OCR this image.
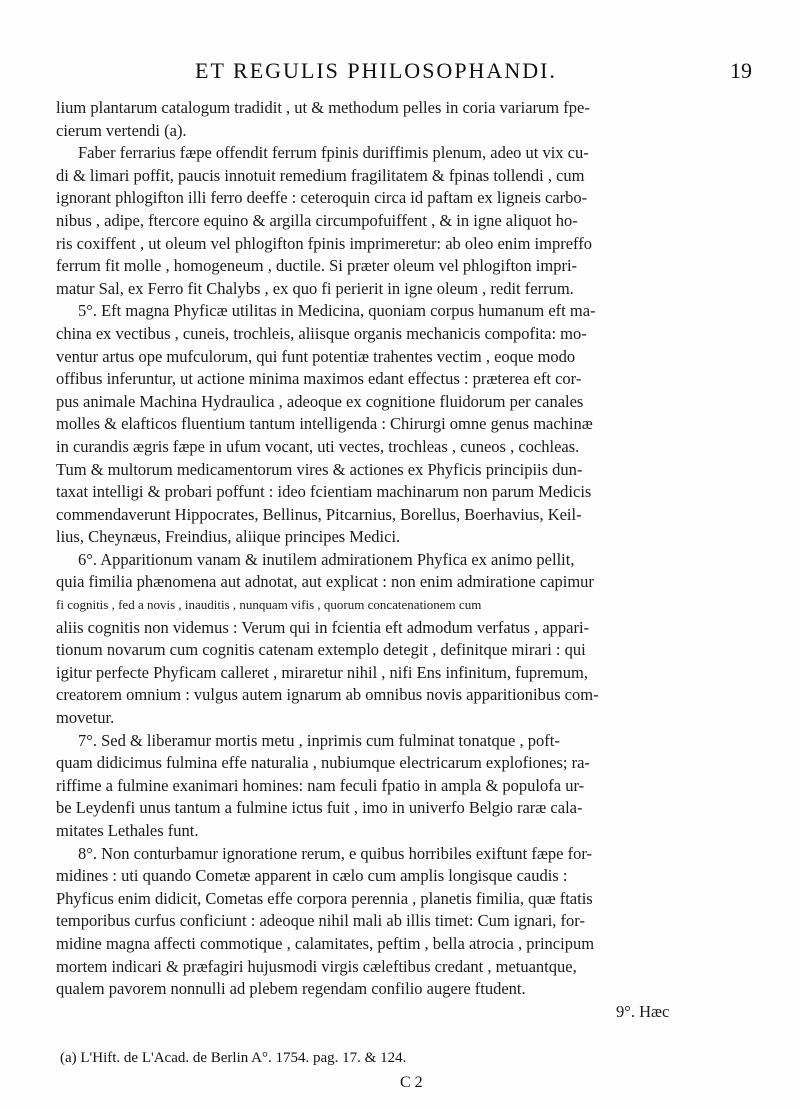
ET REGULIS PHILOSOPHANDI.	19
lium plantarum catalogum tradidit , ut & methodum pelles in coria variarum fpe-
cierum vertendi (a).
Faber ferrarius fæpe offendit ferrum fpinis duriffimis plenum, adeo ut vix cu-
di & limari poffit, paucis innotuit remedium fragilitatem & fpinas tollendi , cum
ignorant phlogifton illi ferro deeffe : ceteroquin circa id paftam ex ligneis carbo-
nibus , adipe, ftercore equino & argilla circumpofuiffent , & in igne aliquot ho-
ris coxiffent , ut oleum vel phlogifton fpinis imprimeretur: ab oleo enim impreffo
ferrum fit molle , homogeneum , ductile. Si præter oleum vel phlogifton impri-
matur Sal, ex Ferro fit Chalybs , ex quo fi perierit in igne oleum , redit ferrum.
5°. Eft magna Phyficæ utilitas in Medicina, quoniam corpus humanum eft ma-
china ex vectibus , cuneis, trochleis, aliisque organis mechanicis compofita: mo-
ventur artus ope mufculorum, qui funt potentiæ trahentes vectim , eoque modo
offibus inferuntur, ut actione minima maximos edant effectus : præterea eft cor-
pus animale Machina Hydraulica , adeoque ex cognitione fluidorum per canales
molles & elafticos fluentium tantum intelligenda : Chirurgi omne genus machinæ
in curandis ægris fæpe in ufum vocant, uti vectes, trochleas , cuneos , cochleas.
Tum & multorum medicamentorum vires & actiones ex Phyficis principiis dun-
taxat intelligi & probari poffunt : ideo fcientiam machinarum non parum Medicis
commendaverunt Hippocrates, Bellinus, Pitcarnius, Borellus, Boerhavius, Keil-
lius, Cheynæus, Freindius, aliique principes Medici.
6°. Apparitionum vanam & inutilem admirationem Phyfica ex animo pellit,
quia fimilia phænomena aut adnotat, aut explicat : non enim admiratione capimur
fi cognitis , fed a novis , inauditis , nunquam vifis , quorum concatenationem cum
aliis cognitis non videmus : Verum qui in fcientia eft admodum verfatus , appari-
tionum novarum cum cognitis catenam extemplo detegit , definitque mirari : qui
igitur perfecte Phyficam calleret , miraretur nihil , nifi Ens infinitum, fupremum,
creatorem omnium : vulgus autem ignarum ab omnibus novis apparitionibus com-
movetur.
7°. Sed & liberamur mortis metu , inprimis cum fulminat tonatque , poft-
quam didicimus fulmina effe naturalia , nubiumque electricarum explofiones; ra-
riffime a fulmine exanimari homines: nam feculi fpatio in ampla & populofa ur-
be Leydenfi unus tantum a fulmine ictus fuit , imo in univerfo Belgio raræ cala-
mitates Lethales funt.
8°. Non conturbamur ignoratione rerum, e quibus horribiles exiftunt fæpe for-
midines : uti quando Cometæ apparent in cælo cum amplis longisque caudis :
Phyficus enim didicit, Cometas effe corpora perennia , planetis fimilia, quæ ftatis
temporibus curfus conficiunt : adeoque nihil mali ab illis timet: Cum ignari, for-
midine magna affecti commotique , calamitates, peftim , bella atrocia , principum
mortem indicari & præfagiri hujusmodi virgis cæleftibus credant , metuantque,
qualem pavorem nonnulli ad plebem regendam confilio augere ftudent.
9°. Hæc
(a) L'Hift. de L'Acad. de Berlin A°. 1754. pag. 17. & 124.
C 2
